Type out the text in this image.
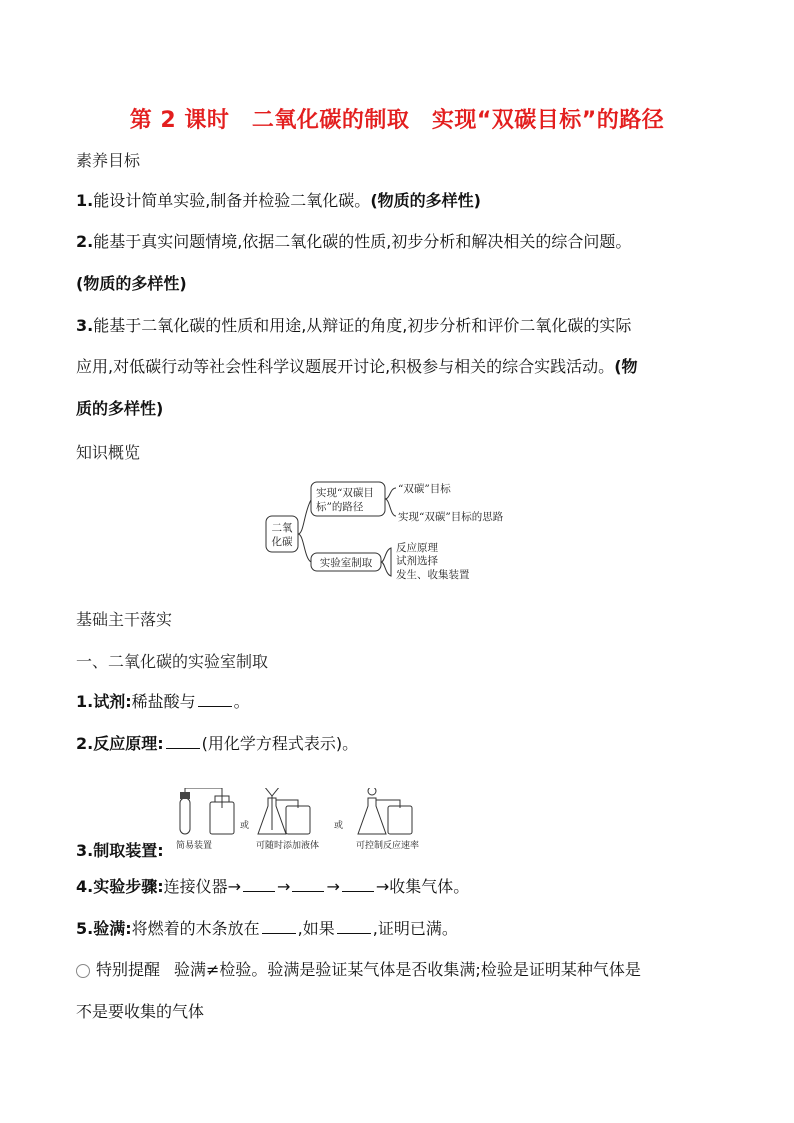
第 2 课时　二氧化碳的制取　实现“双碳目标”的路径
素养目标
1.能设计简单实验,制备并检验二氧化碳。(物质的多样性)
2.能基于真实问题情境,依据二氧化碳的性质,初步分析和解决相关的综合问题。
(物质的多样性)
3.能基于二氧化碳的性质和用途,从辩证的角度,初步分析和评价二氧化碳的实际
应用,对低碳行动等社会性科学议题展开讨论,积极参与相关的综合实践活动。(物
质的多样性)
知识概览
二氧
化碳
实现“双碳目
标”的路径
“双碳”目标
实现“双碳”目标的思路
实验室制取
反应原理
试剂选择
发生、收集装置
基础主干落实
一、二氧化碳的实验室制取
1.试剂:稀盐酸与 。
2.反应原理: (用化学方程式表示)。
简易装置
或
可随时添加液体
或
可控制反应速率
3.制取装置:
4.实验步骤:连接仪器→ → → →收集气体。
5.验满:将燃着的木条放在 ,如果 ,证明已满。
特别提醒 验满≠检验。验满是验证某气体是否收集满;检验是证明某种气体是
不是要收集的气体
